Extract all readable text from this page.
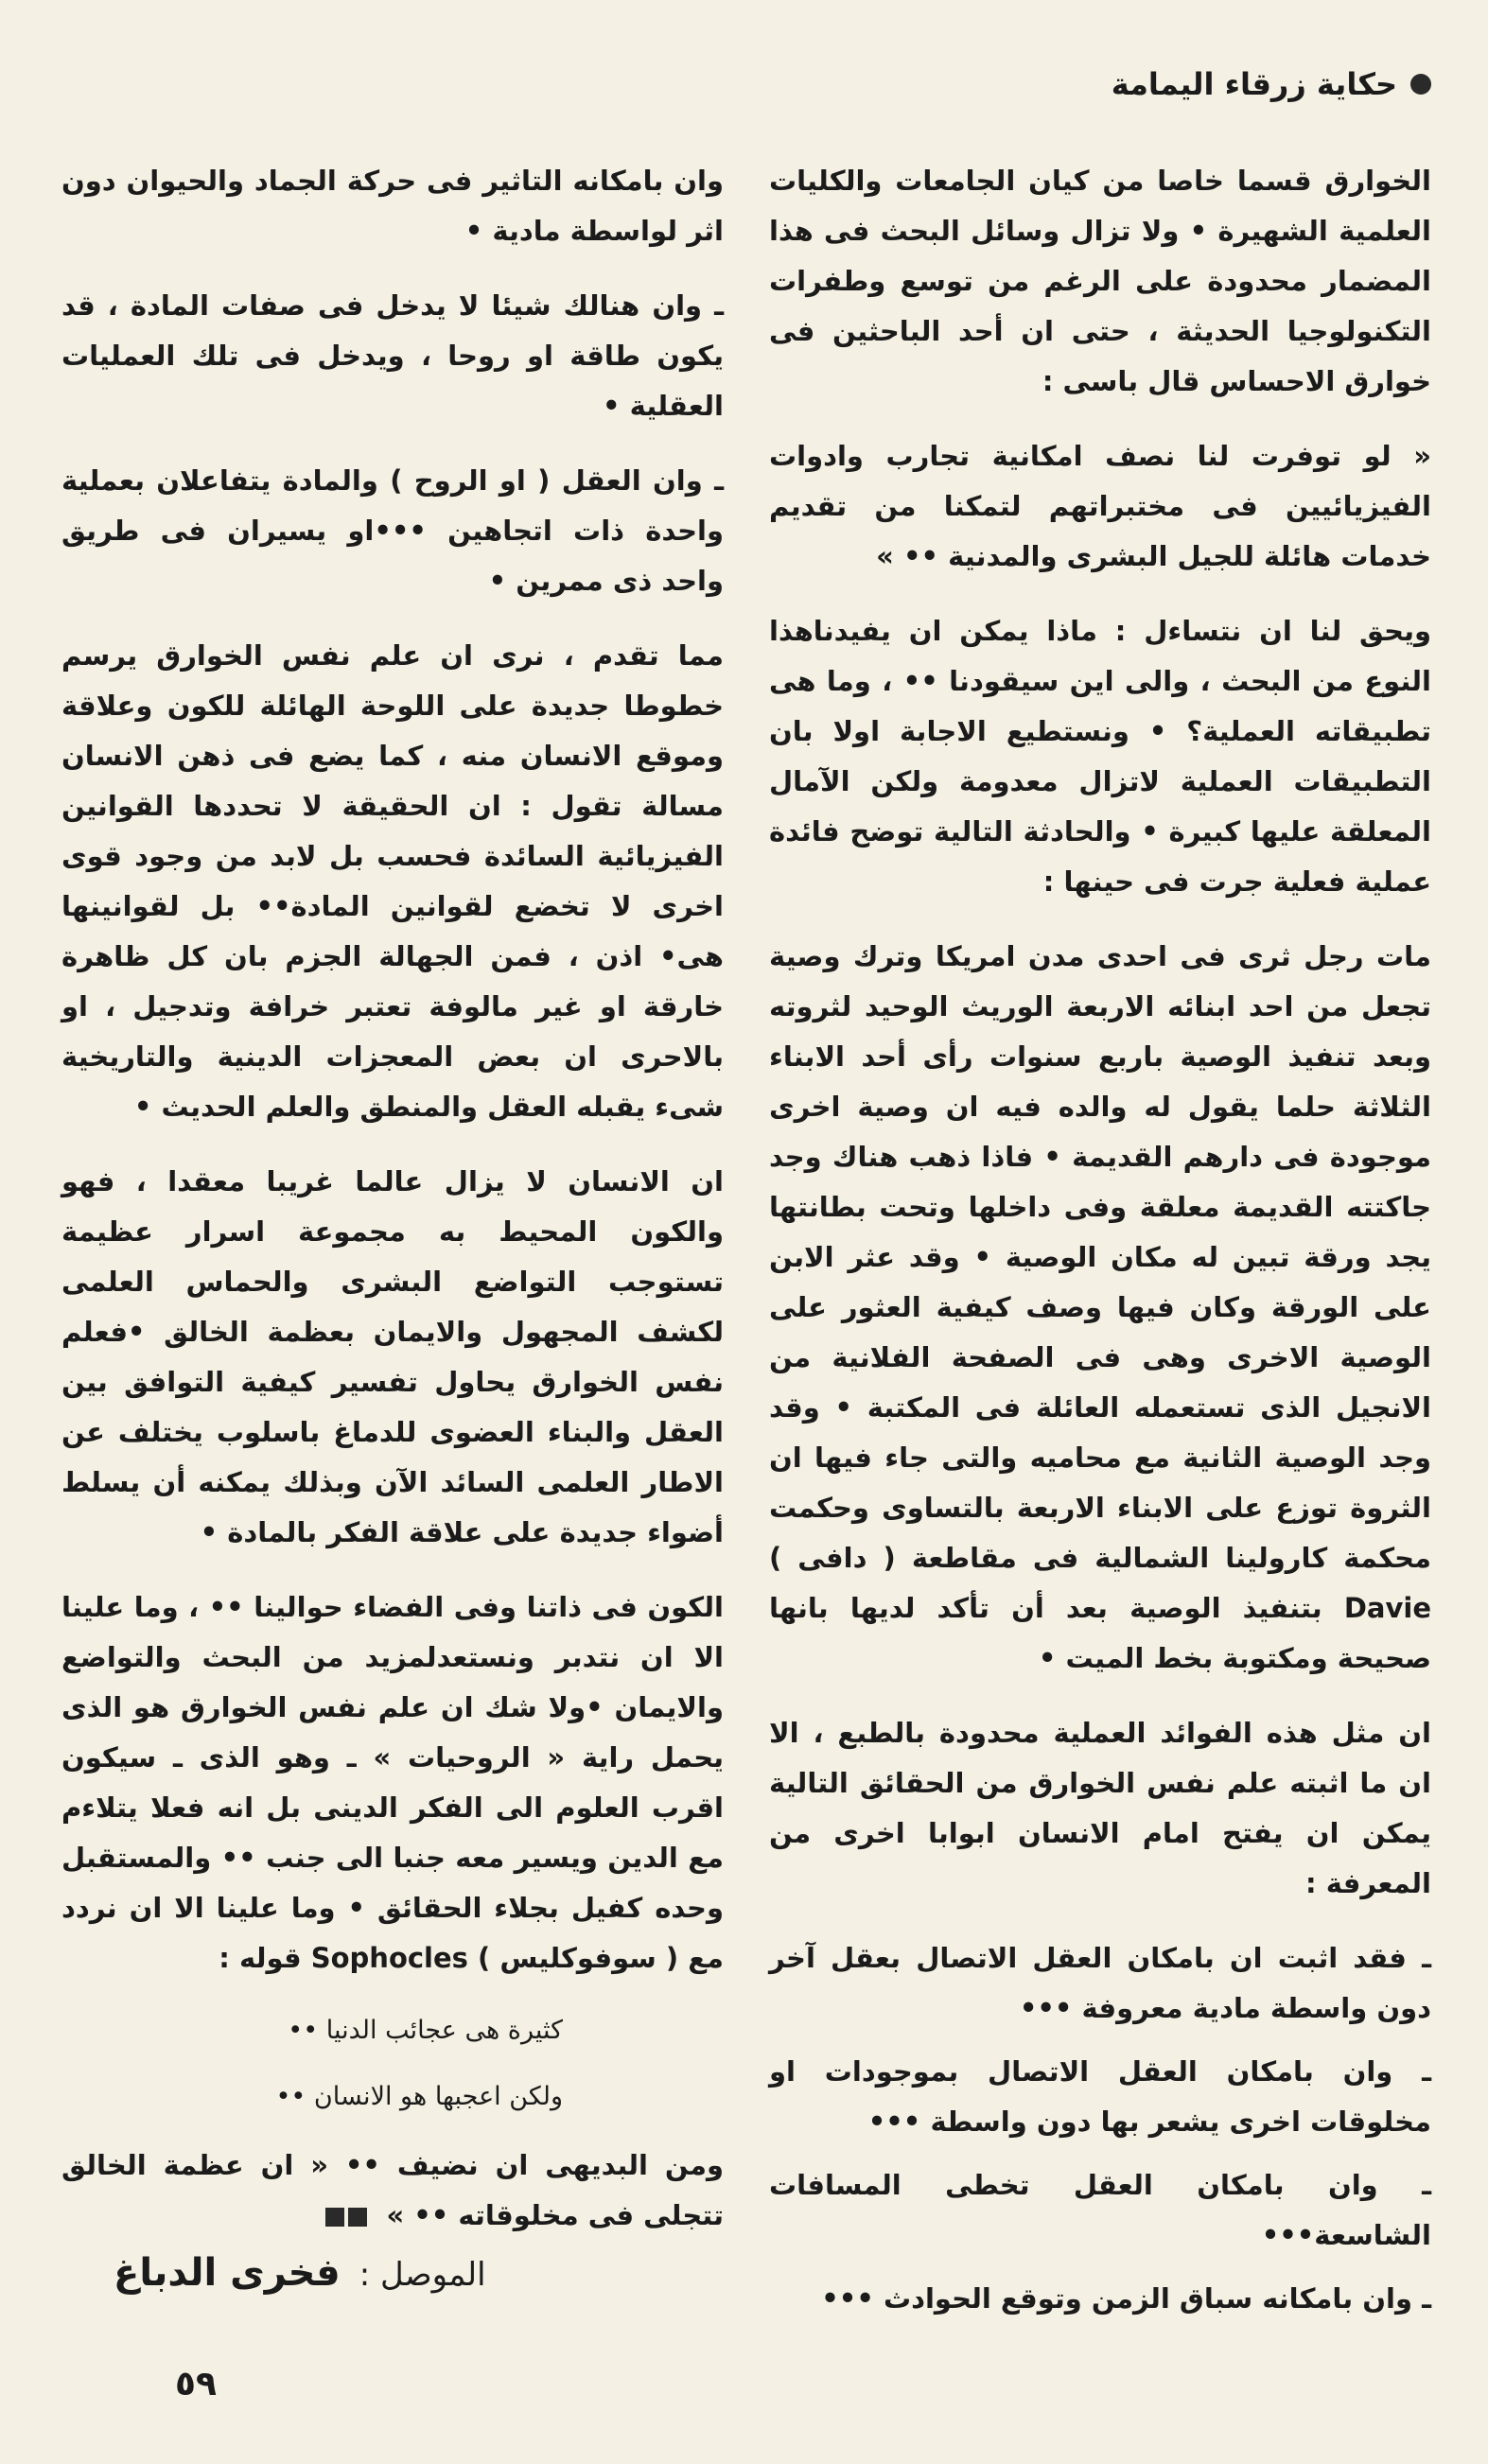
حكاية زرقاء اليمامة

الخوارق قسما خاصا من كيان الجامعات والكليات العلمية الشهيرة • ولا تزال وسائل البحث فى هذا المضمار محدودة على الرغم من توسع وطفرات التكنولوجيا الحديثة ، حتى ان أحد الباحثين فى خوارق الاحساس قال باسى :

« لو توفرت لنا نصف امكانية تجارب وادوات الفيزيائيين فى مختبراتهم لتمكنا من تقديم خدمات هائلة للجيل البشرى والمدنية •• »

ويحق لنا ان نتساءل : ماذا يمكن ان يفيدناهذا النوع من البحث ، والى اين سيقودنا •• ، وما هى تطبيقاته العملية؟ • ونستطيع الاجابة اولا بان التطبيقات العملية لاتزال معدومة ولكن الآمال المعلقة عليها كبيرة • والحادثة التالية توضح فائدة عملية فعلية جرت فى حينها :

مات رجل ثرى فى احدى مدن امريكا وترك وصية تجعل من احد ابنائه الاربعة الوريث الوحيد لثروته وبعد تنفيذ الوصية باربع سنوات رأى أحد الابناء الثلاثة حلما يقول له والده فيه ان وصية اخرى موجودة فى دارهم القديمة • فاذا ذهب هناك وجد جاكتته القديمة معلقة وفى داخلها وتحت بطانتها يجد ورقة تبين له مكان الوصية • وقد عثر الابن على الورقة وكان فيها وصف كيفية العثور على الوصية الاخرى وهى فى الصفحة الفلانية من الانجيل الذى تستعمله العائلة فى المكتبة • وقد وجد الوصية الثانية مع محاميه والتى جاء فيها ان الثروة توزع على الابناء الاربعة بالتساوى وحكمت محكمة كارولينا الشمالية فى مقاطعة ( دافى ) Davie بتنفيذ الوصية بعد أن تأكد لديها بانها صحيحة ومكتوبة بخط الميت •

ان مثل هذه الفوائد العملية محدودة بالطبع ، الا ان ما اثبته علم نفس الخوارق من الحقائق التالية يمكن ان يفتح امام الانسان ابوابا اخرى من المعرفة :

ـ فقد اثبت ان بامكان العقل الاتصال بعقل آخر دون واسطة مادية معروفة •••

ـ وان بامكان العقل الاتصال بموجودات او مخلوقات اخرى يشعر بها دون واسطة •••

ـ وان بامكان العقل تخطى المسافات الشاسعة•••

ـ وان بامكانه سباق الزمن وتوقع الحوادث •••

وان بامكانه التاثير فى حركة الجماد والحيوان دون اثر لواسطة مادية •

ـ وان هنالك شيئا لا يدخل فى صفات المادة ، قد يكون طاقة او روحا ، ويدخل فى تلك العمليات العقلية •

ـ وان العقل ( او الروح ) والمادة يتفاعلان بعملية واحدة ذات اتجاهين •••او يسيران فى طريق واحد ذى ممرين •

مما تقدم ، نرى ان علم نفس الخوارق يرسم خطوطا جديدة على اللوحة الهائلة للكون وعلاقة وموقع الانسان منه ، كما يضع فى ذهن الانسان مسالة تقول : ان الحقيقة لا تحددها القوانين الفيزيائية السائدة فحسب بل لابد من وجود قوى اخرى لا تخضع لقوانين المادة•• بل لقوانينها هى• اذن ، فمن الجهالة الجزم بان كل ظاهرة خارقة او غير مالوفة تعتبر خرافة وتدجيل ، او بالاحرى ان بعض المعجزات الدينية والتاريخية شىء يقبله العقل والمنطق والعلم الحديث •

ان الانسان لا يزال عالما غريبا معقدا ، فهو والكون المحيط به مجموعة اسرار عظيمة تستوجب التواضع البشرى والحماس العلمى لكشف المجهول والايمان بعظمة الخالق •فعلم نفس الخوارق يحاول تفسير كيفية التوافق بين العقل والبناء العضوى للدماغ باسلوب يختلف عن الاطار العلمى السائد الآن وبذلك يمكنه أن يسلط أضواء جديدة على علاقة الفكر بالمادة •

الكون فى ذاتنا وفى الفضاء حوالينا •• ، وما علينا الا ان نتدبر ونستعدلمزيد من البحث والتواضع والايمان •ولا شك ان علم نفس الخوارق هو الذى يحمل راية « الروحيات » ـ وهو الذى ـ سيكون اقرب العلوم الى الفكر الدينى بل انه فعلا يتلاءم مع الدين ويسير معه جنبا الى جنب •• والمستقبل وحده كفيل بجلاء الحقائق • وما علينا الا ان نردد مع ( سوفوكليس ) Sophocles قوله :

كثيرة هى عجائب الدنيا ••
ولكن اعجبها هو الانسان ••

ومن البديهى ان نضيف •• « ان عظمة الخالق تتجلى فى مخلوقاته •• »

الموصل :
فخرى الدباغ
٥٩
